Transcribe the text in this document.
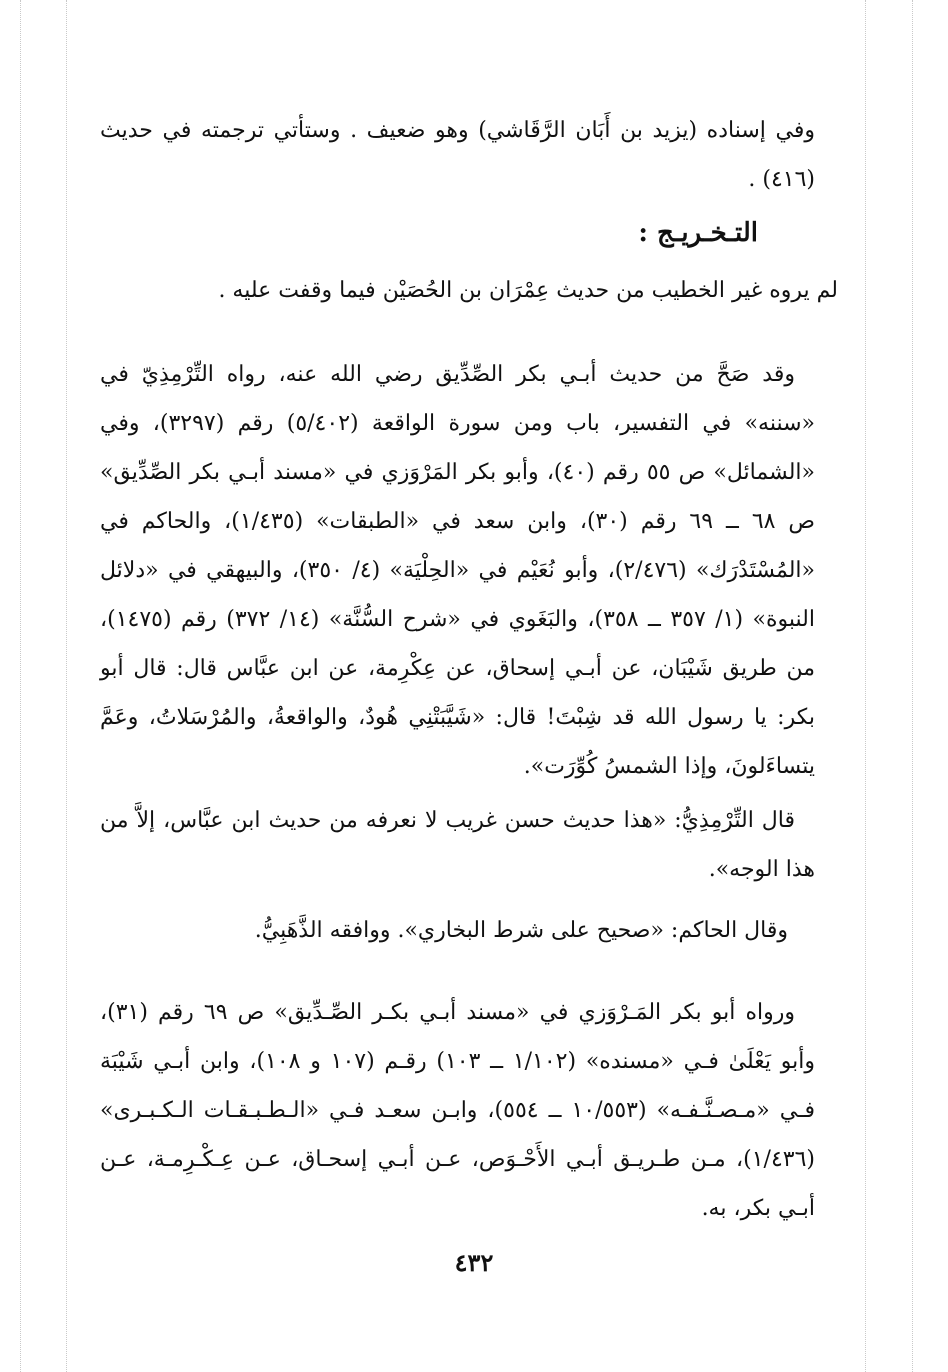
وفي إسناده (يزيد بن أَبَان الرَّقَاشي) وهو ضعيف . وستأتي ترجمته في حديث (٤١٦) .

التـخـريـج :
لم يروه غير الخطيب من حديث عِمْرَان بن الحُصَيْن فيما وقفت عليه .

وقد صَحَّ من حديث أبـي بكر الصِّدِّيق رضي الله عنه، رواه التِّرْمِذِيّ في «سننه» في التفسير، باب ومن سورة الواقعة (٥/٤٠٢) رقم (٣٢٩٧)، وفي «الشمائل» ص ٥٥ رقم (٤٠)، وأبو بكر المَرْوَزي في «مسند أبـي بكر الصِّدِّيق» ص ٦٨ ــ ٦٩ رقم (٣٠)، وابن سعد في «الطبقات» (١/٤٣٥)، والحاكم في «المُسْتَدْرَك» (٢/٤٧٦)، وأبو نُعَيْم في «الحِلْيَة» (٤/ ٣٥٠)، والبيهقي في «دلائل النبوة» (١/ ٣٥٧ ــ ٣٥٨)، والبَغَوي في «شرح السُّنَّة» (١٤/ ٣٧٢) رقم (١٤٧٥)، من طريق شَيْبَان، عن أبـي إسحاق، عن عِكْرِمة، عن ابن عبَّاس قال: قال أبو بكر: يا رسول الله قد شِبْتَ! قال: «شَيَّبَتْنِي هُودٌ، والواقعةُ، والمُرْسَلاتُ، وعَمَّ يتساءَلونَ، وإذا الشمسُ كُوِّرَت».

قال التِّرْمِذِيُّ: «هذا حديث حسن غريب لا نعرفه من حديث ابن عبَّاس، إلاَّ من هذا الوجه».

وقال الحاكم: «صحيح على شرط البخاري». ووافقه الذَّهَبِيُّ.

ورواه أبو بكر المَـرْوَزي في «مسند أبـي بكـر الصِّـدِّيق» ص ٦٩ رقم (٣١)، وأبو يَعْلَىٰ فـي «مسنده» (١/١٠٢ ــ ١٠٣) رقـم (١٠٧ و ١٠٨)، وابن أبـي شَيْبَة فـي «مـصـنَّـفـه» (١٠/٥٥٣ ــ ٥٥٤)، وابـن سعـد فـي «الـطـبـقـات الـكـبـرى» (١/٤٣٦)، مـن طـريـق أبـي الأَحْـوَص، عـن أبـي إسحـاق، عـن عِـكْـرِمـة، عـن أبـي بكر، به.

٤٣٢
